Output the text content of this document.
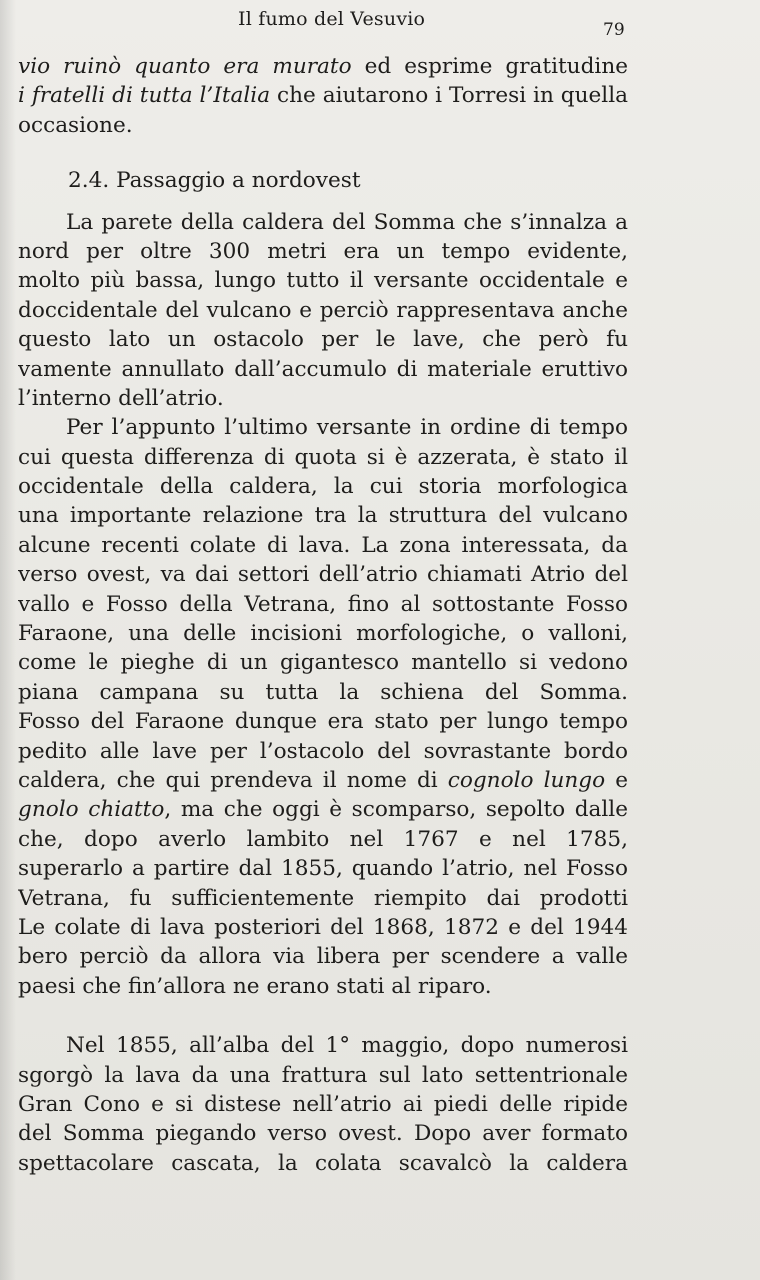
Il fumo del Vesuvio	79
vio ruinò quanto era murato ed esprime gratitudine
i fratelli di tutta l’Italia che aiutarono i Torresi in quella
occasione.
2.4. Passaggio a nordovest
La parete della caldera del Somma che s’innalza a
nord per oltre 300 metri era un tempo evidente,
molto più bassa, lungo tutto il versante occidentale e
doccidentale del vulcano e perciò rappresentava anche
questo lato un ostacolo per le lave, che però fu
vamente annullato dall’accumulo di materiale eruttivo
l’interno dell’atrio.
Per l’appunto l’ultimo versante in ordine di tempo
cui questa differenza di quota si è azzerata, è stato il
occidentale della caldera, la cui storia morfologica
una importante relazione tra la struttura del vulcano
alcune recenti colate di lava. La zona interessata, da
verso ovest, va dai settori dell’atrio chiamati Atrio del
vallo e Fosso della Vetrana, fino al sottostante Fosso
Faraone, una delle incisioni morfologiche, o valloni,
come le pieghe di un gigantesco mantello si vedono
piana campana su tutta la schiena del Somma.
Fosso del Faraone dunque era stato per lungo tempo
pedito alle lave per l’ostacolo del sovrastante bordo
caldera, che qui prendeva il nome di cognolo lungo e
gnolo chiatto, ma che oggi è scomparso, sepolto dalle
che, dopo averlo lambito nel 1767 e nel 1785,
superarlo a partire dal 1855, quando l’atrio, nel Fosso
Vetrana, fu sufficientemente riempito dai prodotti
Le colate di lava posteriori del 1868, 1872 e del 1944
bero perciò da allora via libera per scendere a valle
paesi che fin’allora ne erano stati al riparo.
Nel 1855, all’alba del 1° maggio, dopo numerosi
sgorgò la lava da una frattura sul lato settentrionale
Gran Cono e si distese nell’atrio ai piedi delle ripide
del Somma piegando verso ovest. Dopo aver formato
spettacolare cascata, la colata scavalcò la caldera
